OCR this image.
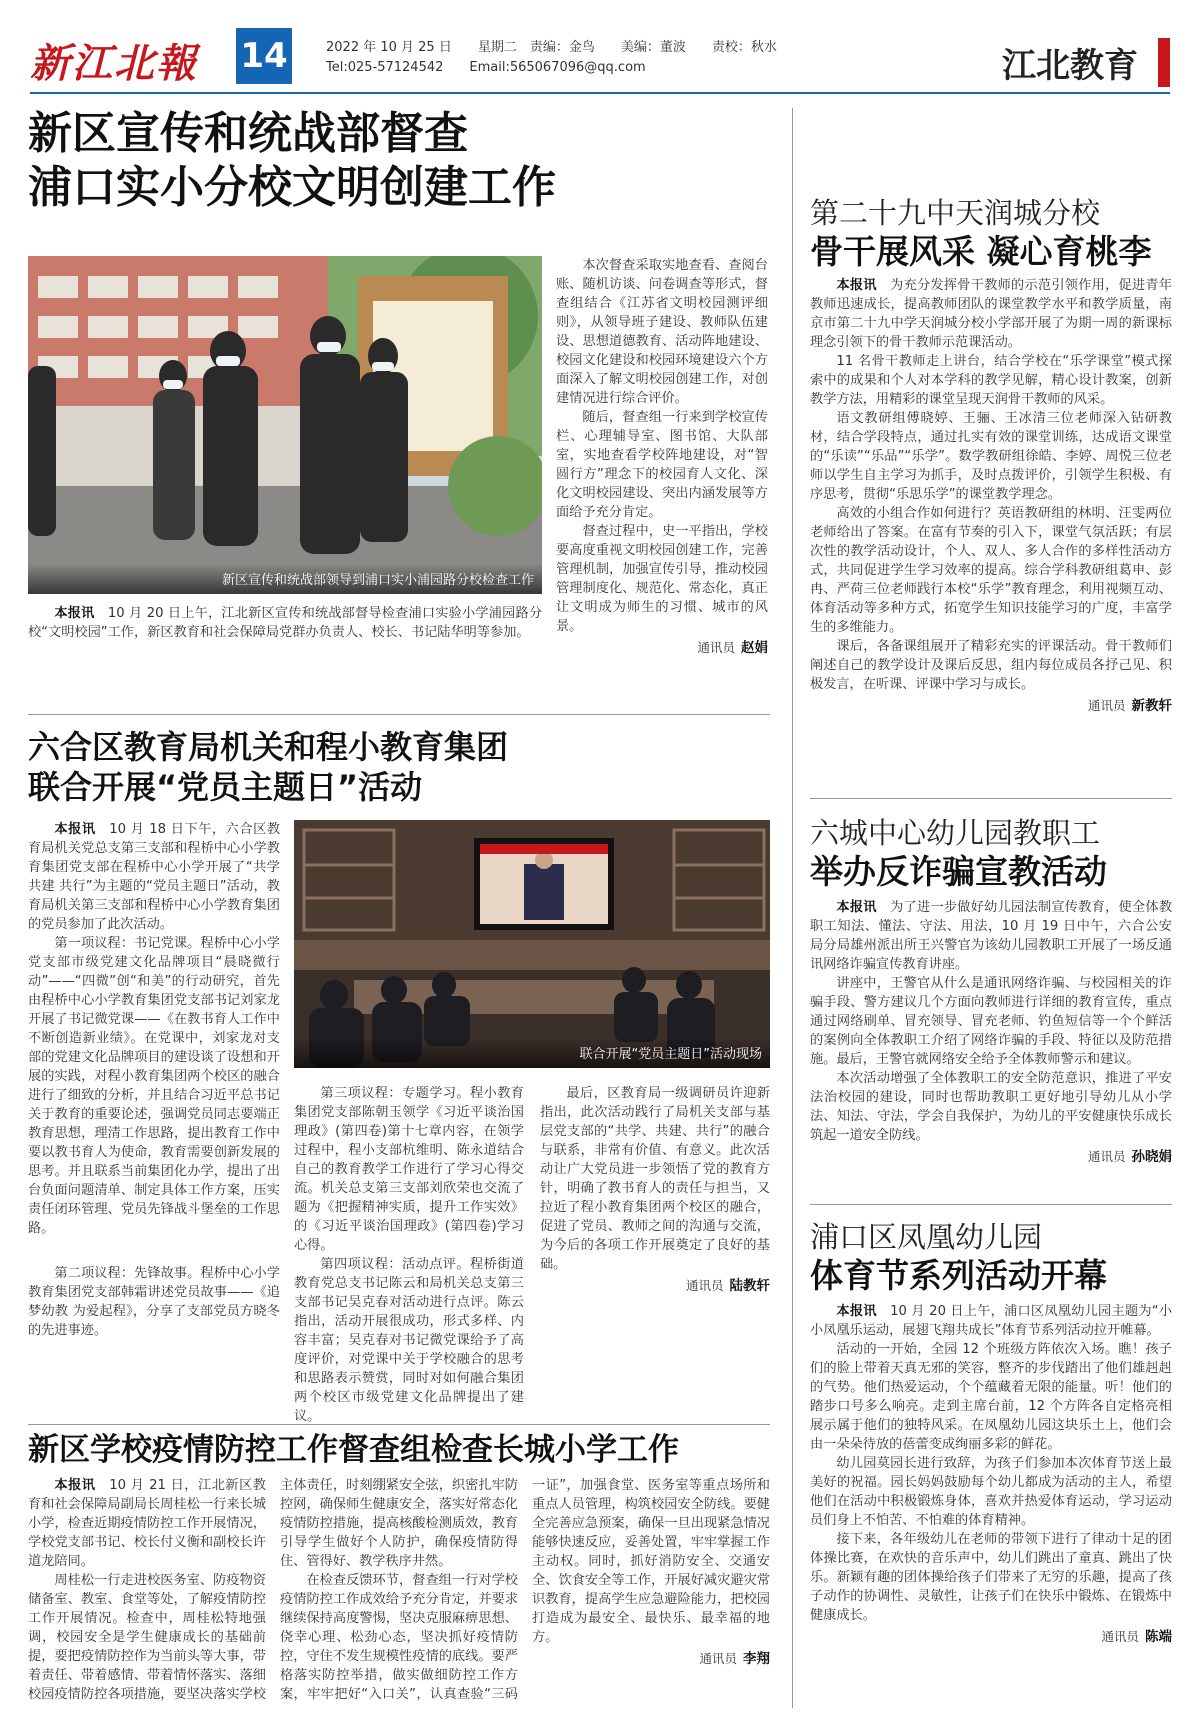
新江北報 14	2022 年 10 月 25 日　　星期二　责编：金鸟　　美编：董波　　责校：秋水
Tel:025-57124542　　Email:565067096@qq.com	江北教育
新区宣传和统战部督查
浦口实小分校文明创建工作
新区宣传和统战部领导到浦口实小浦园路分校检查工作

本次督查采取实地查看、查阅台账、随机访谈、问卷调查等形式，督查组结合《江苏省文明校园测评细则》，从领导班子建设、教师队伍建设、思想道德教育、活动阵地建设、校园文化建设和校园环境建设六个方面深入了解文明校园创建工作，对创建情况进行综合评价。

随后，督查组一行来到学校宣传栏、心理辅导室、图书馆、大队部室，实地查看学校阵地建设，对“智圆行方”理念下的校园育人文化、深化文明校园建设、突出内涵发展等方面给予充分肯定。

督查过程中，史一平指出，学校要高度重视文明校园创建工作，完善管理机制，加强宣传引导，推动校园管理制度化、规范化、常态化，真正让文明成为师生的习惯、城市的风景。

通讯员 赵娟

本报讯　 10 月 20 日上午，江北新区宣传和统战部督导检查浦口实验小学浦园路分校“文明校园”工作，新区教育和社会保障局党群办负责人、校长、书记陆华明等参加。

六合区教育局机关和程小教育集团
联合开展“党员主题日”活动
联合开展“党员主题日”活动现场

本报讯　 10 月 18 日下午，六合区教育局机关党总支第三支部和程桥中心小学教育集团党支部在程桥中心小学开展了“共学 共建 共行”为主题的“党员主题日”活动，教育局机关第三支部和程桥中心小学教育集团的党员参加了此次活动。

第一项议程：书记党课。程桥中心小学党支部市级党建文化品牌项目“晨晓微行动”——“四微”创“和美”的行动研究，首先由程桥中心小学教育集团党支部书记刘家龙开展了书记微党课——《在教书育人工作中不断创造新业绩》。在党课中，刘家龙对支部的党建文化品牌项目的建设谈了设想和开展的实践，对程小教育集团两个校区的融合进行了细致的分析，并且结合习近平总书记关于教育的重要论述，强调党员同志要端正教育思想，理清工作思路，提出教育工作中要以教书育人为使命，教育需要创新发展的思考。并且联系当前集团化办学，提出了出台负面问题清单、制定具体工作方案，压实责任闭环管理、党员先锋战斗堡垒的工作思路。

第二项议程：先锋故事。程桥中心小学教育集团党支部韩霜讲述党员故事——《追梦幼教 为爱起程》，分享了支部党员方晓冬的先进事迹。

第三项议程：专题学习。程小教育集团党支部陈朝玉领学《习近平谈治国理政》(第四卷)第十七章内容，在领学过程中，程小支部杭维明、陈永道结合自己的教育教学工作进行了学习心得交流。机关总支第三支部刘欣荣也交流了题为《把握精神实质，提升工作实效》的《习近平谈治国理政》(第四卷)学习心得。

第四项议程：活动点评。程桥街道教育党总支书记陈云和局机关总支第三支部书记吴克春对活动进行点评。陈云指出，活动开展很成功，形式多样、内容丰富；吴克春对书记微党课给予了高度评价，对党课中关于学校融合的思考和思路表示赞赏，同时对如何融合集团两个校区市级党建文化品牌提出了建议。

最后，区教育局一级调研员许迎新指出，此次活动践行了局机关支部与基层党支部的“共学、共建、共行”的融合与联系，非常有价值、有意义。此次活动让广大党员进一步领悟了党的教育方针，明确了教书育人的责任与担当，又拉近了程小教育集团两个校区的融合，促进了党员、教师之间的沟通与交流，为今后的各项工作开展奠定了良好的基础。

通讯员 陆教轩
新区学校疫情防控工作督查组检查长城小学工作

本报讯　 10 月 21 日，江北新区教育和社会保障局副局长周桂松一行来长城小学，检查近期疫情防控工作开展情况，学校党支部书记、校长付义衡和副校长许道龙陪同。

周桂松一行走进校医务室、防疫物资储备室、教室、食堂等处，了解疫情防控工作开展情况。检查中，周桂松特地强调，校园安全是学生健康成长的基础前提，要把疫情防控作为当前头等大事，带着责任、带着感情、带着情怀落实、落细校园疫情防控各项措施，要坚决落实学校主体责任，时刻绷紧安全弦，织密扎牢防控网，确保师生健康安全，落实好常态化疫情防控措施，提高核酸检测质效，教育引导学生做好个人防护，确保疫情防得住、管得好、教学秩序井然。

在检查反馈环节，督查组一行对学校疫情防控工作成效给予充分肯定，并要求继续保持高度警惕，坚决克服麻痹思想、侥幸心理、松劲心态，坚决抓好疫情防控，守住不发生规模性疫情的底线。要严格落实防控举措，做实做细防控工作方案，牢牢把好“入口关”，认真查验“三码一证”，加强食堂、医务室等重点场所和重点人员管理，构筑校园安全防线。要健全完善应急预案，确保一旦出现紧急情况能够快速反应，妥善处置，牢牢掌握工作主动权。同时，抓好消防安全、交通安全、饮食安全等工作，开展好减灾避灾常识教育，提高学生应急避险能力，把校园打造成为最安全、最快乐、最幸福的地方。

通讯员 李翔
第二十九中天润城分校
骨干展风采 凝心育桃李

本报讯　 为充分发挥骨干教师的示范引领作用，促进青年教师迅速成长，提高教师团队的课堂教学水平和教学质量，南京市第二十九中学天润城分校小学部开展了为期一周的新课标理念引领下的骨干教师示范课活动。

11 名骨干教师走上讲台，结合学校在“乐学课堂”模式探索中的成果和个人对本学科的教学见解，精心设计教案，创新教学方法，用精彩的课堂呈现天润骨干教师的风采。

语文教研组傅晓婷、王骊、王冰清三位老师深入钻研教材，结合学段特点，通过扎实有效的课堂训练，达成语文课堂的“乐读”“乐品”“乐学”。数学教研组徐皓、李婷、周悦三位老师以学生自主学习为抓手，及时点拨评价，引领学生积极、有序思考，贯彻“乐思乐学”的课堂教学理念。

高效的小组合作如何进行？英语教研组的林明、汪雯两位老师给出了答案。在富有节奏的引入下，课堂气氛活跃；有层次性的教学活动设计，个人、双人、多人合作的多样性活动方式，共同促进学生学习效率的提高。综合学科教研组葛申、彭冉、严荷三位老师践行本校“乐学”教育理念，利用视频互动、体育活动等多种方式，拓宽学生知识技能学习的广度，丰富学生的多维能力。

课后，各备课组展开了精彩充实的评课活动。骨干教师们阐述自己的教学设计及课后反思，组内每位成员各抒己见、积极发言，在听课、评课中学习与成长。

通讯员 新教轩
六城中心幼儿园教职工
举办反诈骗宣教活动

本报讯　 为了进一步做好幼儿园法制宣传教育，使全体教职工知法、懂法、守法、用法，10 月 19 日中午，六合公安局分局雄州派出所王兴警官为该幼儿园教职工开展了一场反通讯网络诈骗宣传教育讲座。

讲座中，王警官从什么是通讯网络诈骗、与校园相关的诈骗手段、警方建议几个方面向教师进行详细的教育宣传，重点通过网络刷单、冒充领导、冒充老师、钓鱼短信等一个个鲜活的案例向全体教职工介绍了网络诈骗的手段、特征以及防范措施。最后，王警官就网络安全给予全体教师警示和建议。

本次活动增强了全体教职工的安全防范意识，推进了平安法治校园的建设，同时也帮助教职工更好地引导幼儿从小学法、知法、守法，学会自我保护，为幼儿的平安健康快乐成长筑起一道安全防线。

通讯员 孙晓娟
浦口区凤凰幼儿园
体育节系列活动开幕

本报讯　 10 月 20 日上午，浦口区凤凰幼儿园主题为“小小凤凰乐运动，展翅飞翔共成长”体育节系列活动拉开帷幕。

活动的一开始，全园 12 个班级方阵依次入场。瞧！孩子们的脸上带着天真无邪的笑容，整齐的步伐踏出了他们雄赳赳的气势。他们热爱运动，个个蕴藏着无限的能量。听！他们的踏步口号多么响亮。走到主席台前，12 个方阵各自定格亮相展示属于他们的独特风采。在凤凰幼儿园这块乐土上，他们会由一朵朵待放的蓓蕾变成绚丽多彩的鲜花。

幼儿园莫园长进行致辞，为孩子们参加本次体育节送上最美好的祝福。园长妈妈鼓励每个幼儿都成为活动的主人，希望他们在活动中积极锻炼身体，喜欢并热爱体育运动，学习运动员们身上不怕苦、不怕难的体育精神。

接下来，各年级幼儿在老师的带领下进行了律动十足的团体操比赛，在欢快的音乐声中，幼儿们跳出了童真、跳出了快乐。新颖有趣的团体操给孩子们带来了无穷的乐趣，提高了孩子动作的协调性、灵敏性，让孩子们在快乐中锻炼、在锻炼中健康成长。

通讯员 陈端
